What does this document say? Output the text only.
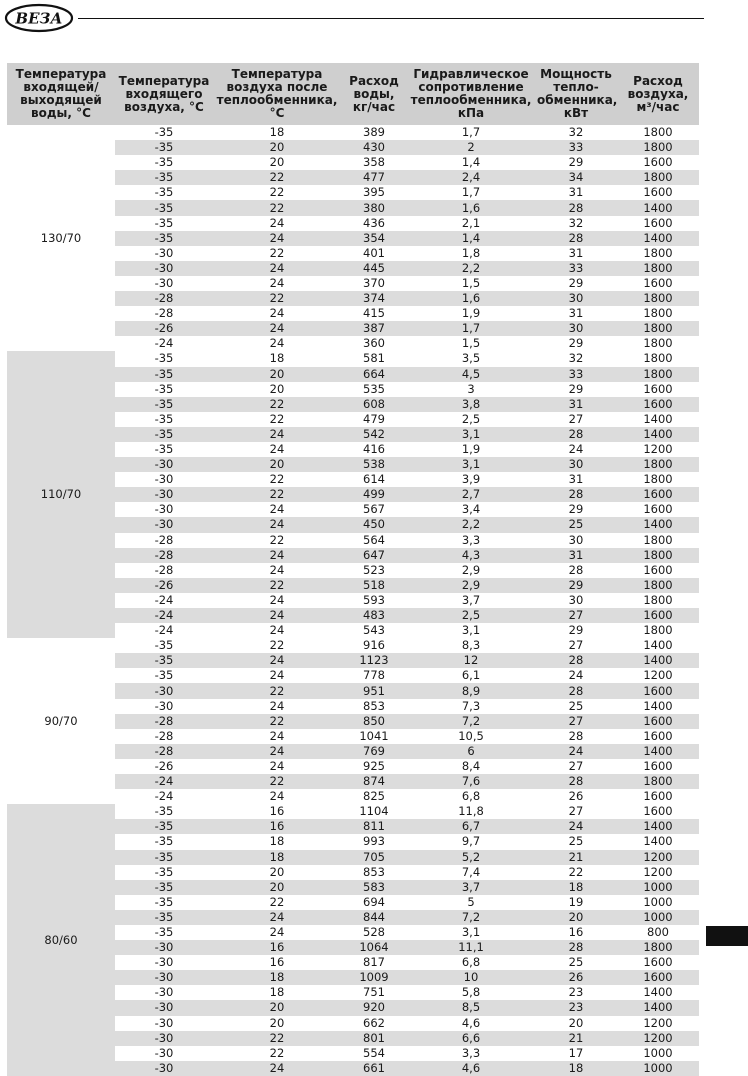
ВЕЗА
Температура входящей/ выходящей воды, °С	Температура входящего воздуха, °С	Температура воздуха после теплообменника, °С	Расход воды, кг/час	Гидравлическое сопротивление теплообменника, кПа	Мощность тепло-обменника, кВт	Расход воздуха, м³/час
130/70	-35	18	389	1,7	32	1800
	-35	20	430	2	33	1800
	-35	20	358	1,4	29	1600
	-35	22	477	2,4	34	1800
	-35	22	395	1,7	31	1600
	-35	22	380	1,6	28	1400
	-35	24	436	2,1	32	1600
	-35	24	354	1,4	28	1400
	-30	22	401	1,8	31	1800
	-30	24	445	2,2	33	1800
	-30	24	370	1,5	29	1600
	-28	22	374	1,6	30	1800
	-28	24	415	1,9	31	1800
	-26	24	387	1,7	30	1800
	-24	24	360	1,5	29	1800
110/70	-35	18	581	3,5	32	1800
	-35	20	664	4,5	33	1800
	-35	20	535	3	29	1600
	-35	22	608	3,8	31	1600
	-35	22	479	2,5	27	1400
	-35	24	542	3,1	28	1400
	-35	24	416	1,9	24	1200
	-30	20	538	3,1	30	1800
	-30	22	614	3,9	31	1800
	-30	22	499	2,7	28	1600
	-30	24	567	3,4	29	1600
	-30	24	450	2,2	25	1400
	-28	22	564	3,3	30	1800
	-28	24	647	4,3	31	1800
	-28	24	523	2,9	28	1600
	-26	22	518	2,9	29	1800
	-24	24	593	3,7	30	1800
	-24	24	483	2,5	27	1600
	-24	24	543	3,1	29	1800
90/70	-35	22	916	8,3	27	1400
	-35	24	1123	12	28	1400
	-35	24	778	6,1	24	1200
	-30	22	951	8,9	28	1600
	-30	24	853	7,3	25	1400
	-28	22	850	7,2	27	1600
	-28	24	1041	10,5	28	1600
	-28	24	769	6	24	1400
	-26	24	925	8,4	27	1600
	-24	22	874	7,6	28	1800
	-24	24	825	6,8	26	1600
80/60	-35	16	1104	11,8	27	1600
	-35	16	811	6,7	24	1400
	-35	18	993	9,7	25	1400
	-35	18	705	5,2	21	1200
	-35	20	853	7,4	22	1200
	-35	20	583	3,7	18	1000
	-35	22	694	5	19	1000
	-35	24	844	7,2	20	1000
	-35	24	528	3,1	16	800
	-30	16	1064	11,1	28	1800
	-30	16	817	6,8	25	1600
	-30	18	1009	10	26	1600
	-30	18	751	5,8	23	1400
	-30	20	920	8,5	23	1400
	-30	20	662	4,6	20	1200
	-30	22	801	6,6	21	1200
	-30	22	554	3,3	17	1000
	-30	24	661	4,6	18	1000
